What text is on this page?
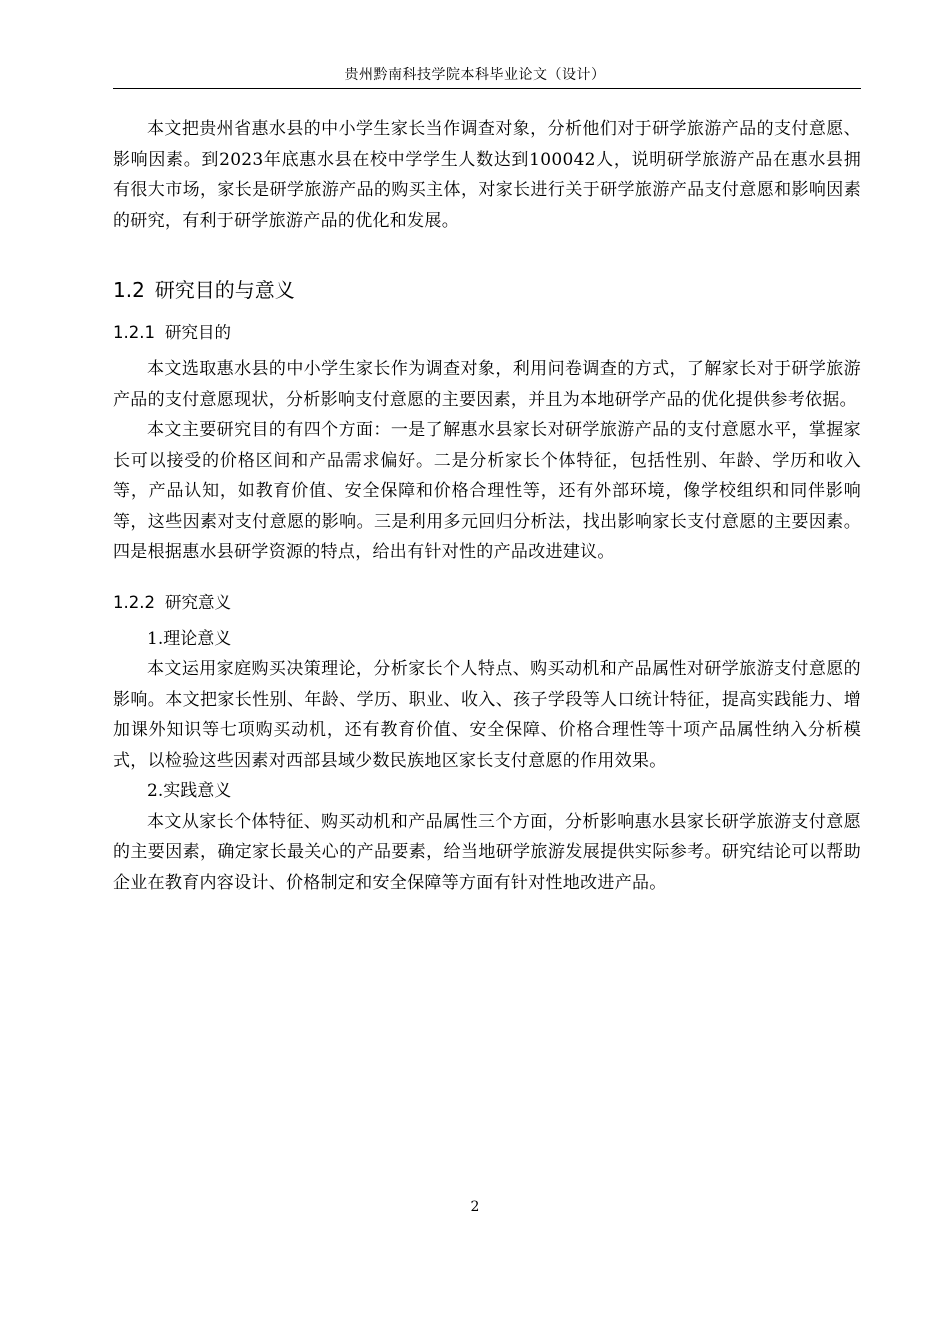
贵州黔南科技学院本科毕业论文（设计）

本文把贵州省惠水县的中小学生家长当作调查对象，分析他们对于研学旅游产品的支付意愿、影响因素。到2023年底惠水县在校中学学生人数达到100042人，说明研学旅游产品在惠水县拥有很大市场，家长是研学旅游产品的购买主体，对家长进行关于研学旅游产品支付意愿和影响因素的研究，有利于研学旅游产品的优化和发展。

1.2 研究目的与意义
1.2.1 研究目的

本文选取惠水县的中小学生家长作为调查对象，利用问卷调查的方式，了解家长对于研学旅游产品的支付意愿现状，分析影响支付意愿的主要因素，并且为本地研学产品的优化提供参考依据。

本文主要研究目的有四个方面：一是了解惠水县家长对研学旅游产品的支付意愿水平，掌握家长可以接受的价格区间和产品需求偏好。二是分析家长个体特征，包括性别、年龄、学历和收入等，产品认知，如教育价值、安全保障和价格合理性等，还有外部环境，像学校组织和同伴影响等，这些因素对支付意愿的影响。三是利用多元回归分析法，找出影响家长支付意愿的主要因素。四是根据惠水县研学资源的特点，给出有针对性的产品改进建议。

1.2.2 研究意义

1.理论意义

本文运用家庭购买决策理论，分析家长个人特点、购买动机和产品属性对研学旅游支付意愿的影响。本文把家长性别、年龄、学历、职业、收入、孩子学段等人口统计特征，提高实践能力、增加课外知识等七项购买动机，还有教育价值、安全保障、价格合理性等十项产品属性纳入分析模式，以检验这些因素对西部县域少数民族地区家长支付意愿的作用效果。

2.实践意义

本文从家长个体特征、购买动机和产品属性三个方面，分析影响惠水县家长研学旅游支付意愿的主要因素，确定家长最关心的产品要素，给当地研学旅游发展提供实际参考。研究结论可以帮助企业在教育内容设计、价格制定和安全保障等方面有针对性地改进产品。

2
